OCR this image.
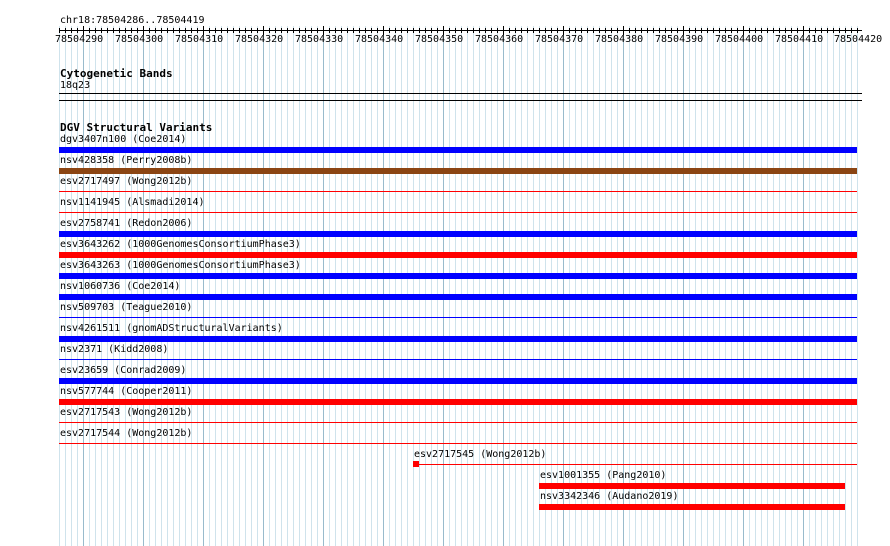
chr18:78504286..78504419
78504290 78504300 78504310 78504320 78504330 78504340 78504350 78504360 78504370 78504380 78504390 78504400 78504410 78504420
Cytogenetic Bands
18q23
DGV Structural Variants
dgv3407n100 (Coe2014)
nsv428358 (Perry2008b)
esv2717497 (Wong2012b)
nsv1141945 (Alsmadi2014)
esv2758741 (Redon2006)
esv3643262 (1000GenomesConsortiumPhase3)
esv3643263 (1000GenomesConsortiumPhase3)
nsv1060736 (Coe2014)
nsv509703 (Teague2010)
nsv4261511 (gnomADStructuralVariants)
nsv2371 (Kidd2008)
esv23659 (Conrad2009)
nsv577744 (Cooper2011)
esv2717543 (Wong2012b)
esv2717544 (Wong2012b)
esv2717545 (Wong2012b)
esv1001355 (Pang2010)
nsv3342346 (Audano2019)
